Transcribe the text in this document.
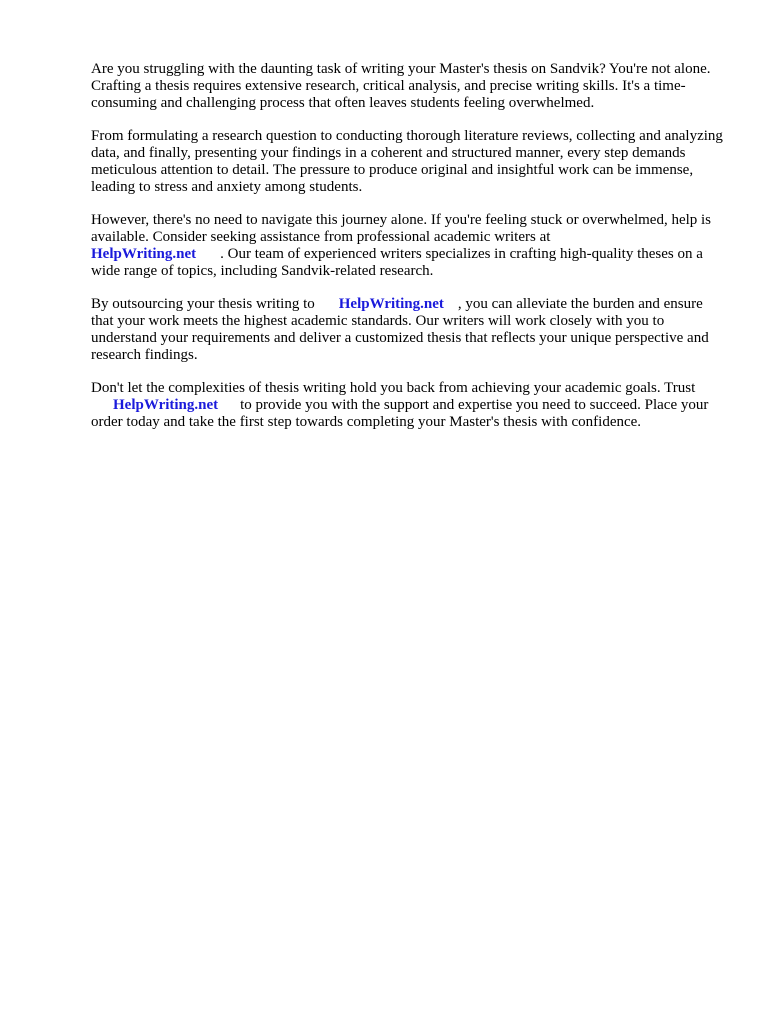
Are you struggling with the daunting task of writing your Master's thesis on Sandvik? You're not alone. Crafting a thesis requires extensive research, critical analysis, and precise writing skills. It's a time-consuming and challenging process that often leaves students feeling overwhelmed.

From formulating a research question to conducting thorough literature reviews, collecting and analyzing data, and finally, presenting your findings in a coherent and structured manner, every step demands meticulous attention to detail. The pressure to produce original and insightful work can be immense, leading to stress and anxiety among students.

However, there's no need to navigate this journey alone. If you're feeling stuck or overwhelmed, help is available. Consider seeking assistance from professional academic writers at
HelpWriting.net . Our team of experienced writers specializes in crafting high-quality theses on a wide range of topics, including Sandvik-related research.

By outsourcing your thesis writing to HelpWriting.net , you can alleviate the burden and ensure that your work meets the highest academic standards. Our writers will work closely with you to understand your requirements and deliver a customized thesis that reflects your unique perspective and research findings.

Don't let the complexities of thesis writing hold you back from achieving your academic goals. Trust
HelpWriting.net to provide you with the support and expertise you need to succeed. Place your order today and take the first step towards completing your Master's thesis with confidence.
